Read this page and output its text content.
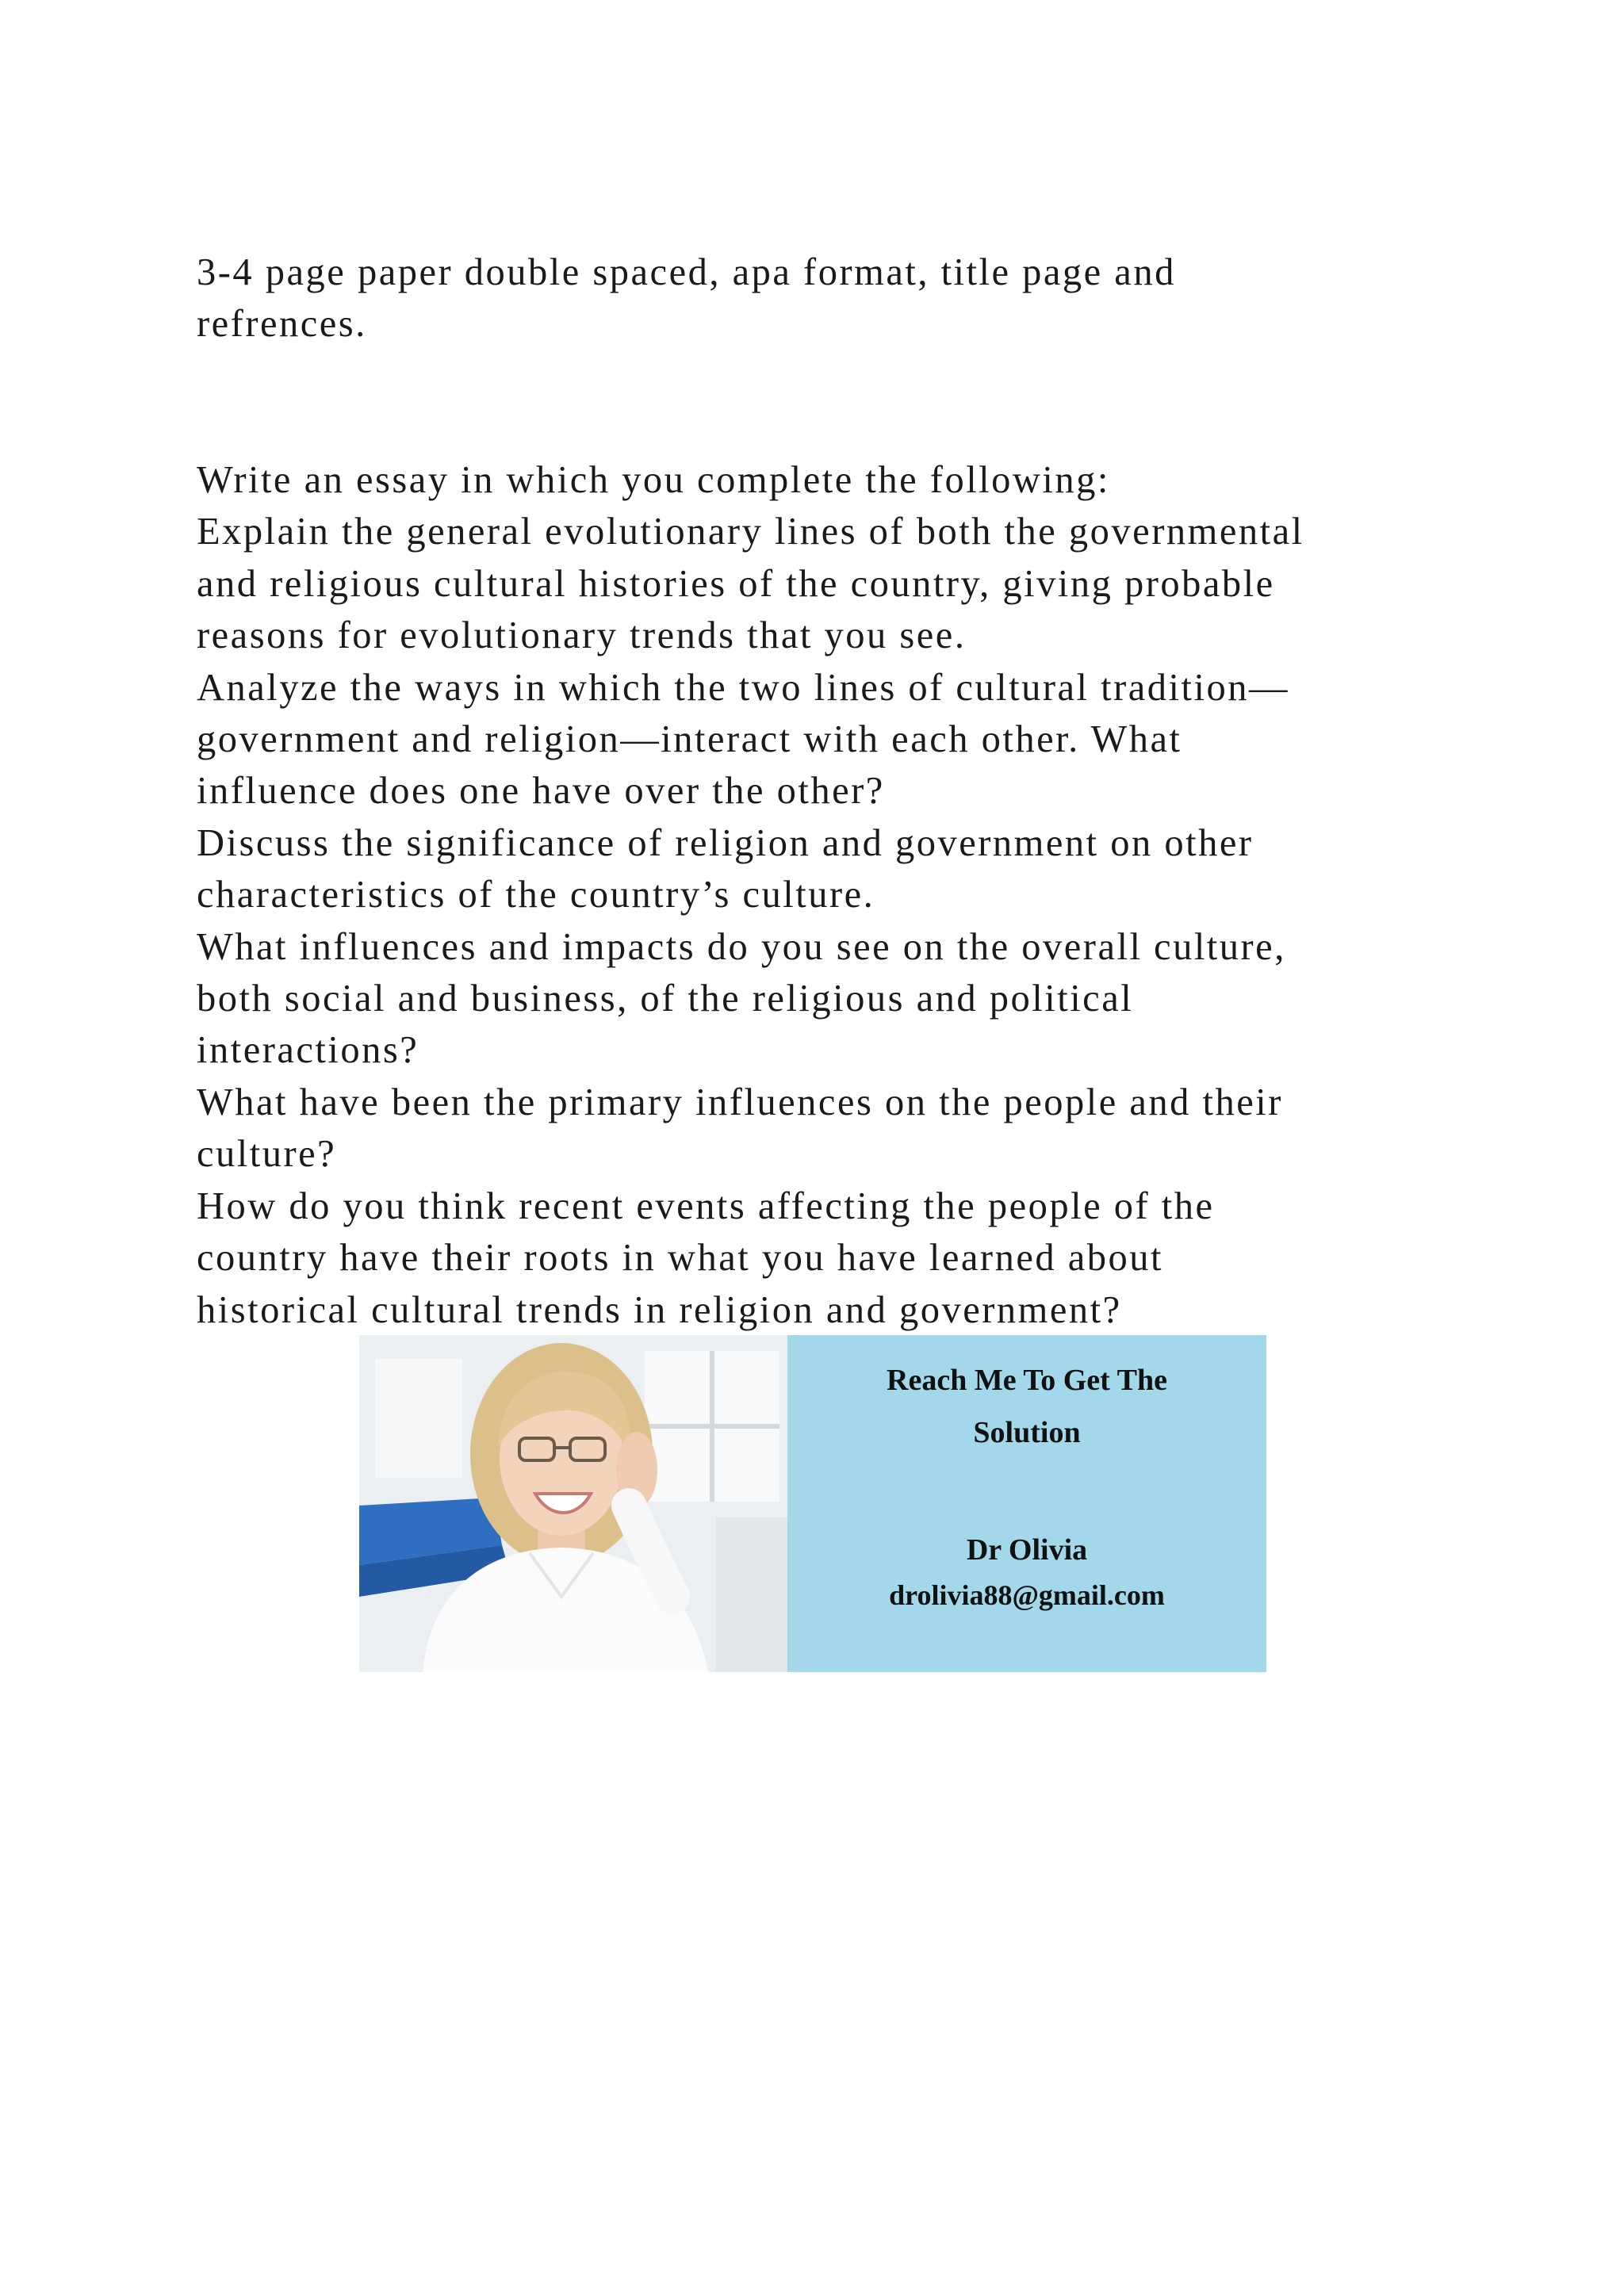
3-4 page paper double spaced, apa format, title page and

refrences.

Write an essay in which you complete the following:

Explain the general evolutionary lines of both the governmental

and religious cultural histories of the country, giving probable

reasons for evolutionary trends that you see.

Analyze the ways in which the two lines of cultural tradition—

government and religion—interact with each other. What

influence does one have over the other?

Discuss the significance of religion and government on other

characteristics of the country’s culture.

What influences and impacts do you see on the overall culture,

both social and business, of the religious and political

interactions?

What have been the primary influences on the people and their

culture?

How do you think recent events affecting the people of the

country have their roots in what you have learned about

historical cultural trends in religion and government?

Reach Me To Get The
Solution
Dr Olivia
drolivia88@gmail.com
